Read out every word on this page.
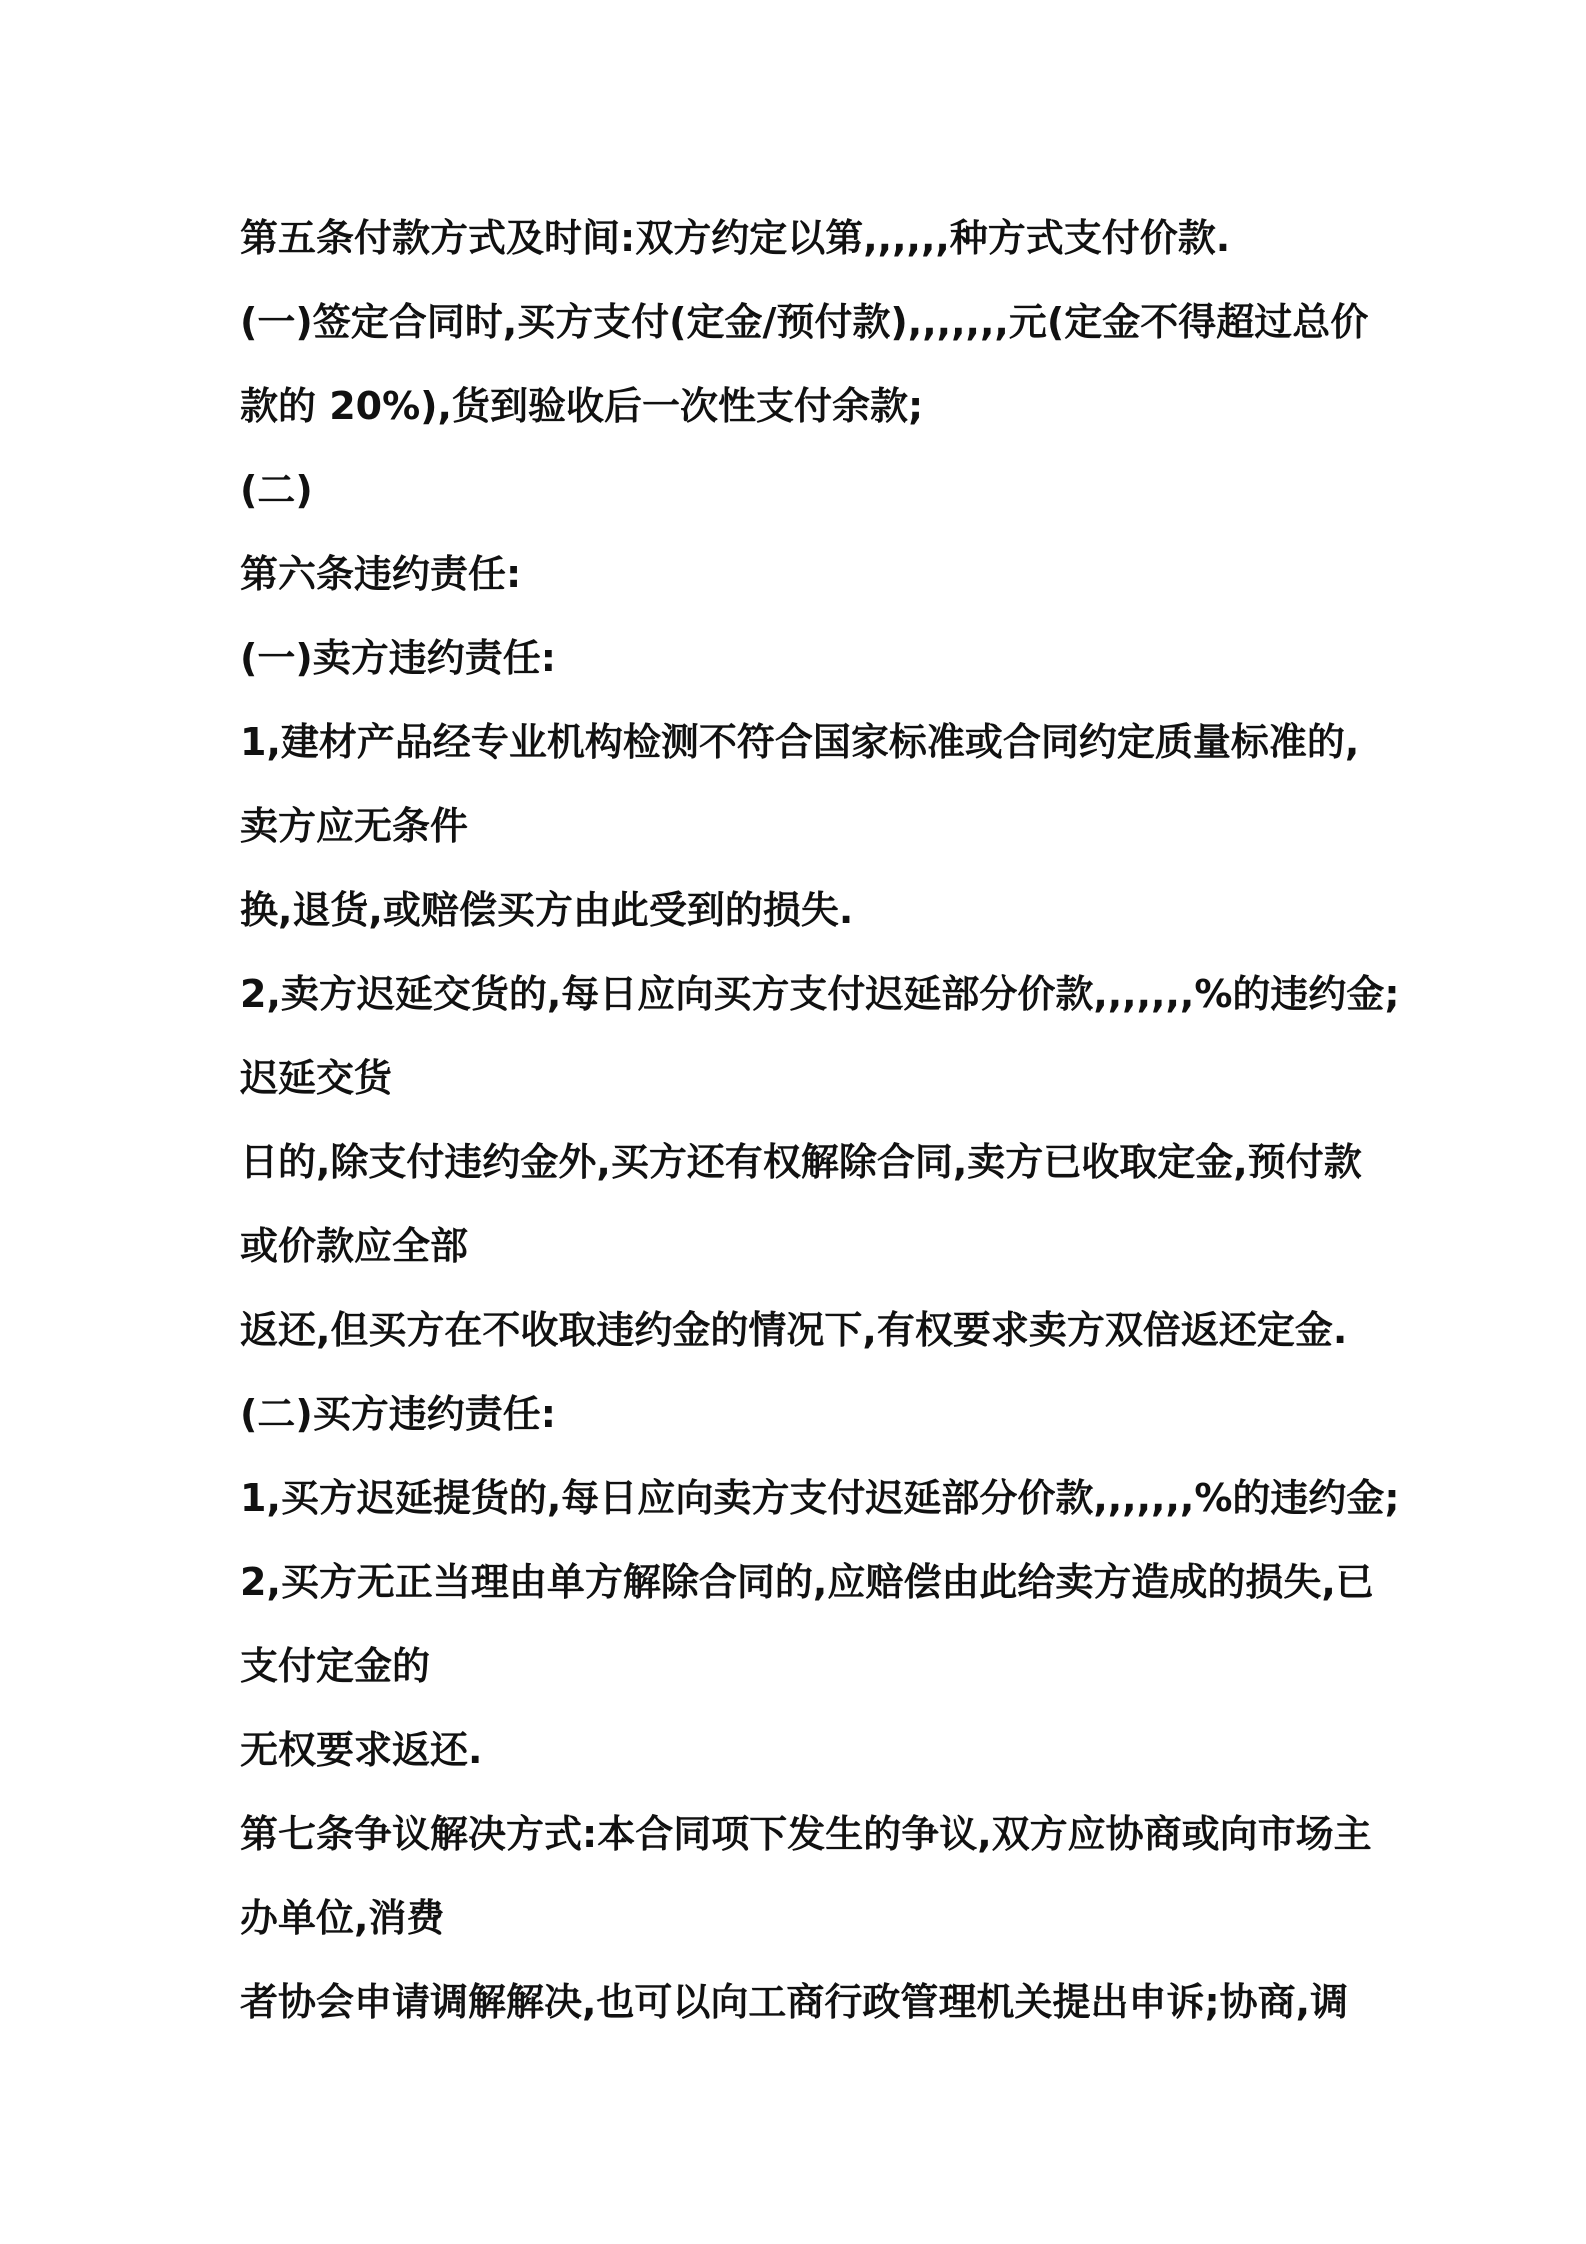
第五条付款方式及时间:双方约定以第,,,,,,种方式支付价款.
(一)签定合同时,买方支付(定金/预付款),,,,,,,元(定金不得超过总价
款的 20%),货到验收后一次性支付余款;
(二)
第六条违约责任:
(一)卖方违约责任:
1,建材产品经专业机构检测不符合国家标准或合同约定质量标准的,
卖方应无条件
换,退货,或赔偿买方由此受到的损失.
2,卖方迟延交货的,每日应向买方支付迟延部分价款,,,,,,,%的违约金;
迟延交货
日的,除支付违约金外,买方还有权解除合同,卖方已收取定金,预付款
或价款应全部
返还,但买方在不收取违约金的情况下,有权要求卖方双倍返还定金.
(二)买方违约责任:
1,买方迟延提货的,每日应向卖方支付迟延部分价款,,,,,,,%的违约金;
2,买方无正当理由单方解除合同的,应赔偿由此给卖方造成的损失,已
支付定金的
无权要求返还.
第七条争议解决方式:本合同项下发生的争议,双方应协商或向市场主
办单位,消费
者协会申请调解解决,也可以向工商行政管理机关提出申诉;协商,调
